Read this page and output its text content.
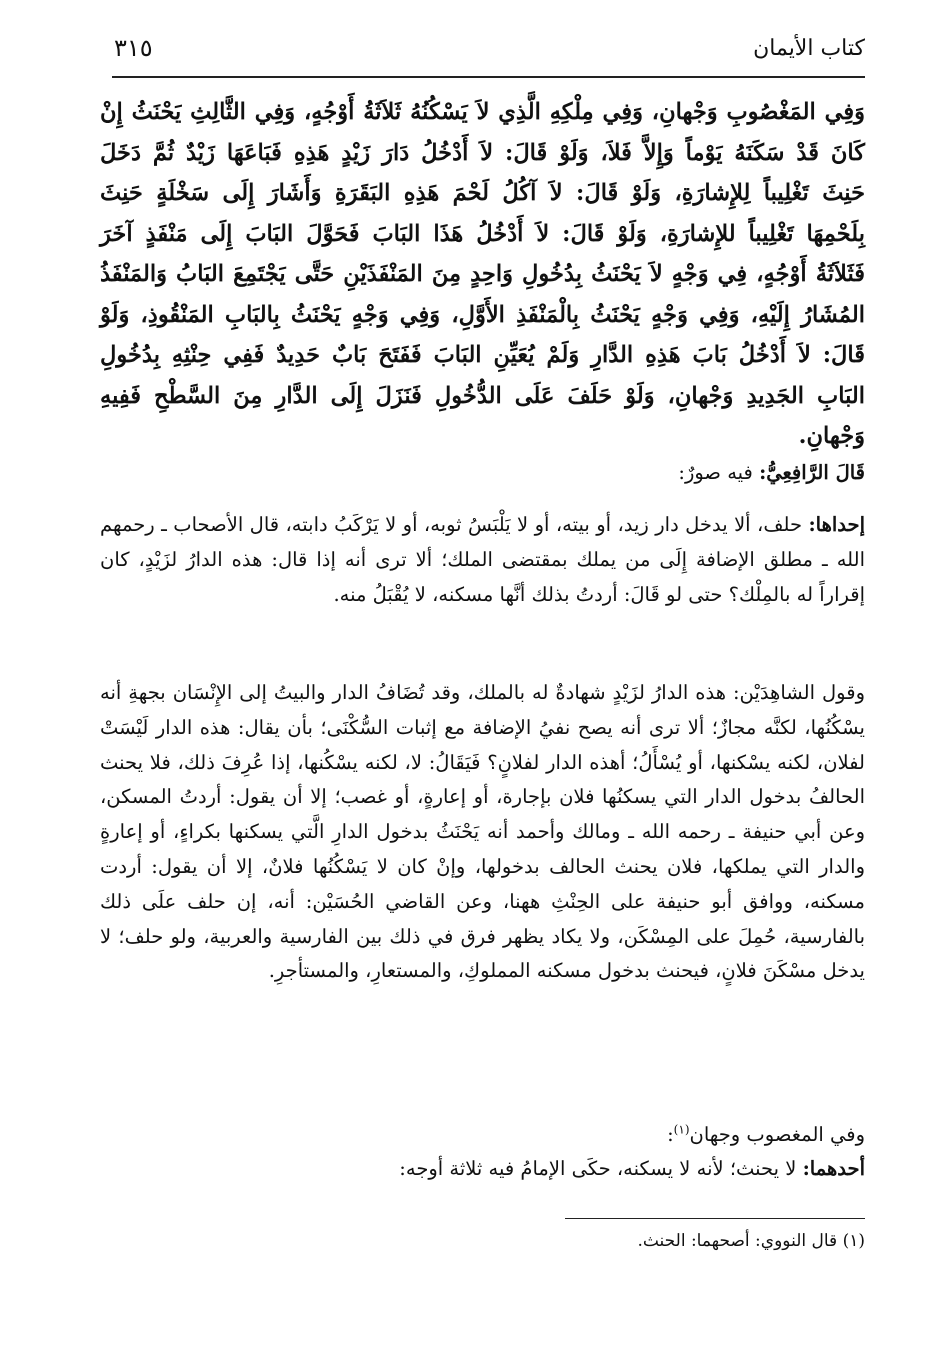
كتاب الأيمان
٣١٥
وَفِي المَغْصُوبِ وَجْهانِ، وَفِي مِلْكِهِ الَّذِي لاَ يَسْكُنُهُ ثَلاَثَةُ أَوْجُهٍ، وَفِي الثَّالِثِ يَحْنَثُ إِنْ كَانَ قَدْ سَكَنَهُ يَوْماً وَإِلاَّ فَلاَ، وَلَوْ قَالَ: لاَ أَدْخُلُ دَارَ زَيْدٍ هَذِهِ فَبَاعَهَا زَيْدٌ ثُمَّ دَخَلَ حَنِثَ تَغْلِيباً لِلإِشارَةِ، وَلَوْ قَالَ: لاَ آكُلُ لَحْمَ هَذِهِ البَقَرَةِ وَأَشَارَ إِلَى سَخْلَةٍ حَنِثَ بِلَحْمِهَا تَغْلِيباً للإِشارَةِ، وَلَوْ قَالَ: لاَ أَدْخُلُ هَذَا البَابَ فَحَوَّلَ البَابَ إِلَى مَنْفَذٍ آخَرَ فَثَلاَثَةُ أَوْجُهٍ، فِي وَجْهٍ لاَ يَحْنَثُ بِدُخُولِ وَاحِدٍ مِنَ المَنْفَذَيْنِ حَتَّى يَجْتَمِعَ البَابُ وَالمَنْفَذُ المُشَارُ إِلَيْهِ، وَفِي وَجْهٍ يَحْنَثُ بِالْمَنْفَذِ الأَوَّلِ، وَفِي وَجْهٍ يَحْنَثُ بِالبَابِ المَنْقُوذِ، وَلَوْ قَالَ: لاَ أَدْخُلُ بَابَ هَذِهِ الدَّارِ وَلَمْ يُعَيِّنِ البَابَ فَفَتَحَ بَابٌ حَدِيدٌ فَفِي حِنْثِهِ بِدُخُولِ البَابِ الجَدِيدِ وَجْهانِ، وَلَوْ حَلَفَ عَلَى الدُّخُولِ فَنَزَلَ إِلَى الدَّارِ مِنَ السَّطْحِ فَفِيهِ وَجْهانِ.

قَالَ الرَّافِعِيُّ: فيه صورٌ:

إحداها: حلف، ألا يدخل دار زيد، أو بيته، أو لا يَلْبَسُ ثوبه، أو لا يَرْكَبُ دابته، قال الأصحاب ـ رحمهم الله ـ مطلق الإضافة إِلَى من يملك بمقتضى الملك؛ ألا ترى أنه إذا قال: هذه الدارُ لزَيْدٍ، كان إقراراً له بالمِلْك؟ حتى لو قَالَ: أردتُ بذلك أنَّها مسكنه، لا يُقْبَلُ منه.

وقول الشاهِدَيْن: هذه الدارُ لزَيْدٍ شهادةٌ له بالملك، وقد تُضَافُ الدار والبيتُ إلى الإِنْسَان بجهةِ أنه يسْكُنُها، لكنَّه مجازٌ؛ ألا ترى أنه يصح نفيُ الإضافة مع إثبات السُّكْنَى؛ بأن يقال: هذه الدار لَيْسَتْ لفلان، لكنه يسْكنها، أو يُسْأَلُ؛ أهذه الدار لفلانٍ؟ فَيَقَالُ: لا، لكنه يسْكُنها، إذا عُرِفَ ذلك، فلا يحنث الحالفُ بدخول الدار التي يسكنُها فلان بإجارة، أو إعارةٍ، أو غصب؛ إلا أن يقول: أردتُ المسكن، وعن أبي حنيفة ـ رحمه الله ـ ومالك وأحمد أنه يَحْنَثُ بدخول الدارِ الَّتي يسكنها بكراءٍ، أو إعارةٍ والدار التي يملكها، فلان يحنث الحالف بدخولها، وإنْ كان لا يَسْكُنُها فلانٌ، إلا أن يقول: أردت مسكنه، ووافق أبو حنيفة على الحِنْثِ ههنا، وعن القاضي الحُسَيْن: أنه، إن حلف علَى ذلك بالفارسية، حُمِلَ على المِسْكَن، ولا يكاد يظهر فرق في ذلك بين الفارسية والعربية، ولو حلف؛ لا يدخل مسْكَنَ فلانٍ، فيحنث بدخول مسكنه المملوكِ، والمستعارِ، والمستأجرِ.

وفي المغصوب وجهان$^{(١)}$:

أحدهما: لا يحنث؛ لأنه لا يسكنه، حكَى الإمامُ فيه ثلاثة أوجه:

(١) قال النووي: أصحهما: الحنث.
